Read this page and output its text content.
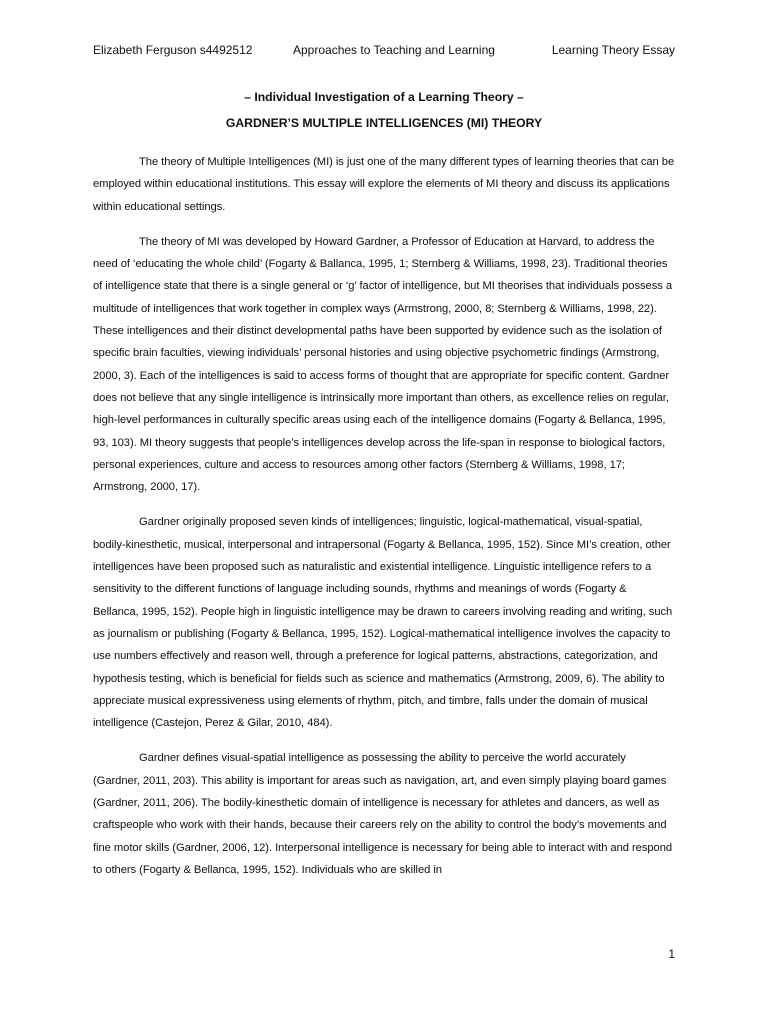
Elizabeth Ferguson s4492512	Approaches to Teaching and Learning	Learning Theory Essay
– Individual Investigation of a Learning Theory –
GARDNER’S MULTIPLE INTELLIGENCES (MI) THEORY

The theory of Multiple Intelligences (MI) is just one of the many different types of learning theories that can be employed within educational institutions. This essay will explore the elements of MI theory and discuss its applications within educational settings.

The theory of MI was developed by Howard Gardner, a Professor of Education at Harvard, to address the need of ‘educating the whole child’ (Fogarty & Ballanca, 1995, 1; Sternberg & Williams, 1998, 23). Traditional theories of intelligence state that there is a single general or ‘g’ factor of intelligence, but MI theorises that individuals possess a multitude of intelligences that work together in complex ways (Armstrong, 2000, 8; Sternberg & Williams, 1998, 22). These intelligences and their distinct developmental paths have been supported by evidence such as the isolation of specific brain faculties, viewing individuals’ personal histories and using objective psychometric findings (Armstrong, 2000, 3). Each of the intelligences is said to access forms of thought that are appropriate for specific content. Gardner does not believe that any single intelligence is intrinsically more important than others, as excellence relies on regular, high-level performances in culturally specific areas using each of the intelligence domains (Fogarty & Bellanca, 1995, 93, 103). MI theory suggests that people’s intelligences develop across the life-span in response to biological factors, personal experiences, culture and access to resources among other factors (Sternberg & Williams, 1998, 17; Armstrong, 2000, 17).

Gardner originally proposed seven kinds of intelligences; linguistic, logical-mathematical, visual-spatial, bodily-kinesthetic, musical, interpersonal and intrapersonal (Fogarty & Bellanca, 1995, 152). Since MI’s creation, other intelligences have been proposed such as naturalistic and existential intelligence. Linguistic intelligence refers to a sensitivity to the different functions of language including sounds, rhythms and meanings of words (Fogarty & Bellanca, 1995, 152). People high in linguistic intelligence may be drawn to careers involving reading and writing, such as journalism or publishing (Fogarty & Bellanca, 1995, 152). Logical-mathematical intelligence involves the capacity to use numbers effectively and reason well, through a preference for logical patterns, abstractions, categorization, and hypothesis testing, which is beneficial for fields such as science and mathematics (Armstrong, 2009, 6). The ability to appreciate musical expressiveness using elements of rhythm, pitch, and timbre, falls under the domain of musical intelligence (Castejon, Perez & Gilar, 2010, 484).

Gardner defines visual-spatial intelligence as possessing the ability to perceive the world accurately (Gardner, 2011, 203). This ability is important for areas such as navigation, art, and even simply playing board games (Gardner, 2011, 206). The bodily-kinesthetic domain of intelligence is necessary for athletes and dancers, as well as craftspeople who work with their hands, because their careers rely on the ability to control the body’s movements and fine motor skills (Gardner, 2006, 12). Interpersonal intelligence is necessary for being able to interact with and respond to others (Fogarty & Bellanca, 1995, 152). Individuals who are skilled in

1
